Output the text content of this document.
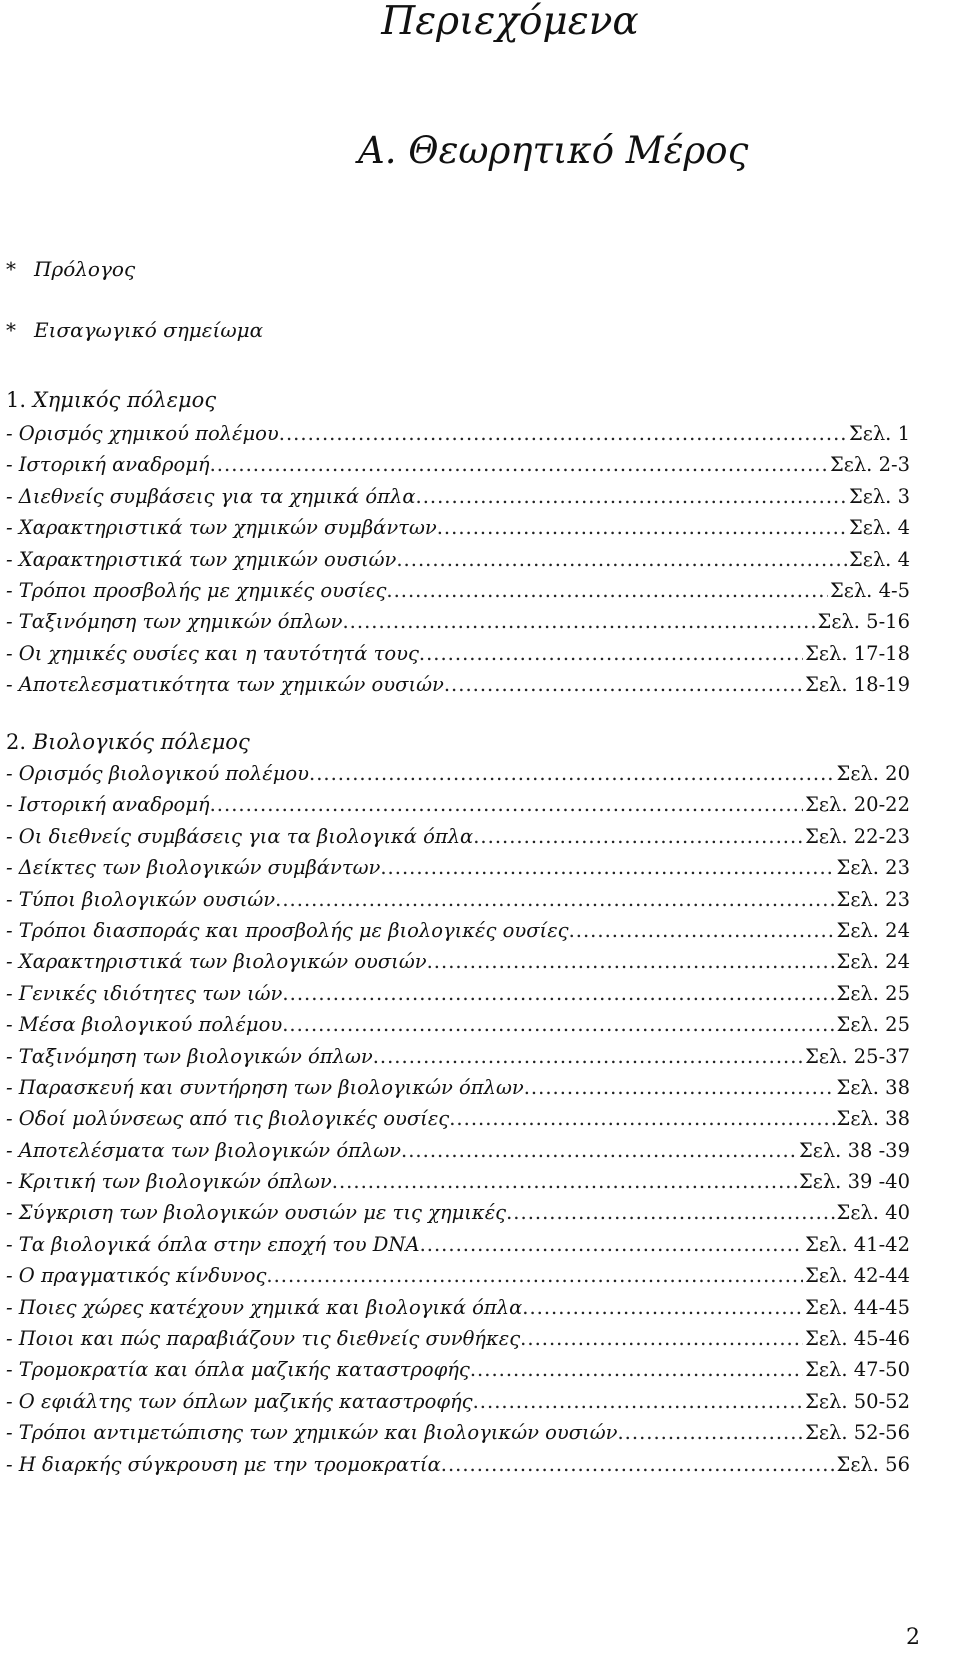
Περιεχόμενα
Α. Θεωρητικό Μέρος
* Πρόλογος
* Εισαγωγικό σημείωμα
1. Χημικός πόλεμος
- Ορισμός χημικού πολέμου .....	Σελ. 1
- Ιστορική αναδρομή .....	Σελ. 2-3
- Διεθνείς συμβάσεις για τα χημικά όπλα .....	Σελ. 3
- Χαρακτηριστικά των χημικών συμβάντων .....	Σελ. 4
- Χαρακτηριστικά των χημικών ουσιών .....	Σελ. 4
- Τρόποι προσβολής με χημικές ουσίες .....	Σελ. 4-5
- Ταξινόμηση των χημικών όπλων .....	Σελ. 5-16
- Οι χημικές ουσίες και η ταυτότητά τους .....	Σελ. 17-18
- Αποτελεσματικότητα των χημικών ουσιών .....	Σελ. 18-19
2. Βιολογικός πόλεμος
- Ορισμός βιολογικού πολέμου .....	Σελ. 20
- Ιστορική αναδρομή .....	Σελ. 20-22
- Οι διεθνείς συμβάσεις για τα βιολογικά όπλα .....	Σελ. 22-23
- Δείκτες των βιολογικών συμβάντων .....	Σελ. 23
- Τύποι βιολογικών ουσιών .....	Σελ. 23
- Τρόποι διασποράς και προσβολής με βιολογικές ουσίες .....	Σελ. 24
- Χαρακτηριστικά των βιολογικών ουσιών .....	Σελ. 24
- Γενικές ιδιότητες των ιών .....	Σελ. 25
- Μέσα βιολογικού πολέμου .....	Σελ. 25
- Ταξινόμηση των βιολογικών όπλων .....	Σελ. 25-37
- Παρασκευή και συντήρηση των βιολογικών όπλων .....	Σελ. 38
- Οδοί μολύνσεως από τις βιολογικές ουσίες .....	Σελ. 38
- Αποτελέσματα των βιολογικών όπλων .....	Σελ. 38 -39
- Κριτική των βιολογικών όπλων .....	Σελ. 39 -40
- Σύγκριση των βιολογικών ουσιών με τις χημικές .....	Σελ. 40
- Τα βιολογικά όπλα στην εποχή του DNA .....	Σελ. 41-42
- Ο πραγματικός κίνδυνος .....	Σελ. 42-44
- Ποιες χώρες κατέχουν χημικά και βιολογικά όπλα .....	Σελ. 44-45
- Ποιοι και πώς παραβιάζουν τις διεθνείς συνθήκες .....	Σελ. 45-46
- Τρομοκρατία και όπλα μαζικής καταστροφής .....	Σελ. 47-50
- Ο εφιάλτης των όπλων μαζικής καταστροφής .....	Σελ. 50-52
- Τρόποι αντιμετώπισης των χημικών και βιολογικών ουσιών .....	Σελ. 52-56
- Η διαρκής σύγκρουση με την τρομοκρατία .....	Σελ. 56
2
